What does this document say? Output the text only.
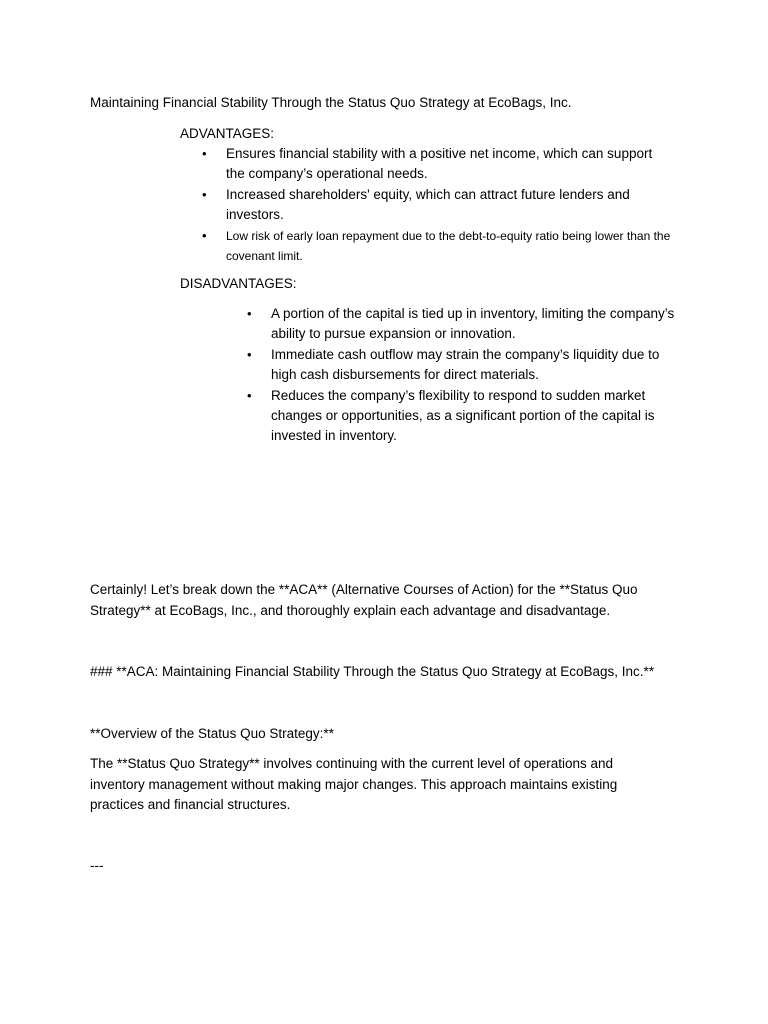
Maintaining Financial Stability Through the Status Quo Strategy at EcoBags, Inc.

ADVANTAGES:

• Ensures financial stability with a positive net income, which can support the company’s operational needs.
• Increased shareholders' equity, which can attract future lenders and investors.
• Low risk of early loan repayment due to the debt-to-equity ratio being lower than the covenant limit.

DISADVANTAGES:

• A portion of the capital is tied up in inventory, limiting the company’s ability to pursue expansion or innovation.
• Immediate cash outflow may strain the company’s liquidity due to high cash disbursements for direct materials.
• Reduces the company’s flexibility to respond to sudden market changes or opportunities, as a significant portion of the capital is invested in inventory.

Certainly! Let’s break down the **ACA** (Alternative Courses of Action) for the **Status Quo Strategy** at EcoBags, Inc., and thoroughly explain each advantage and disadvantage.

### **ACA: Maintaining Financial Stability Through the Status Quo Strategy at EcoBags, Inc.**

**Overview of the Status Quo Strategy:**

The **Status Quo Strategy** involves continuing with the current level of operations and inventory management without making major changes. This approach maintains existing practices and financial structures.

---
